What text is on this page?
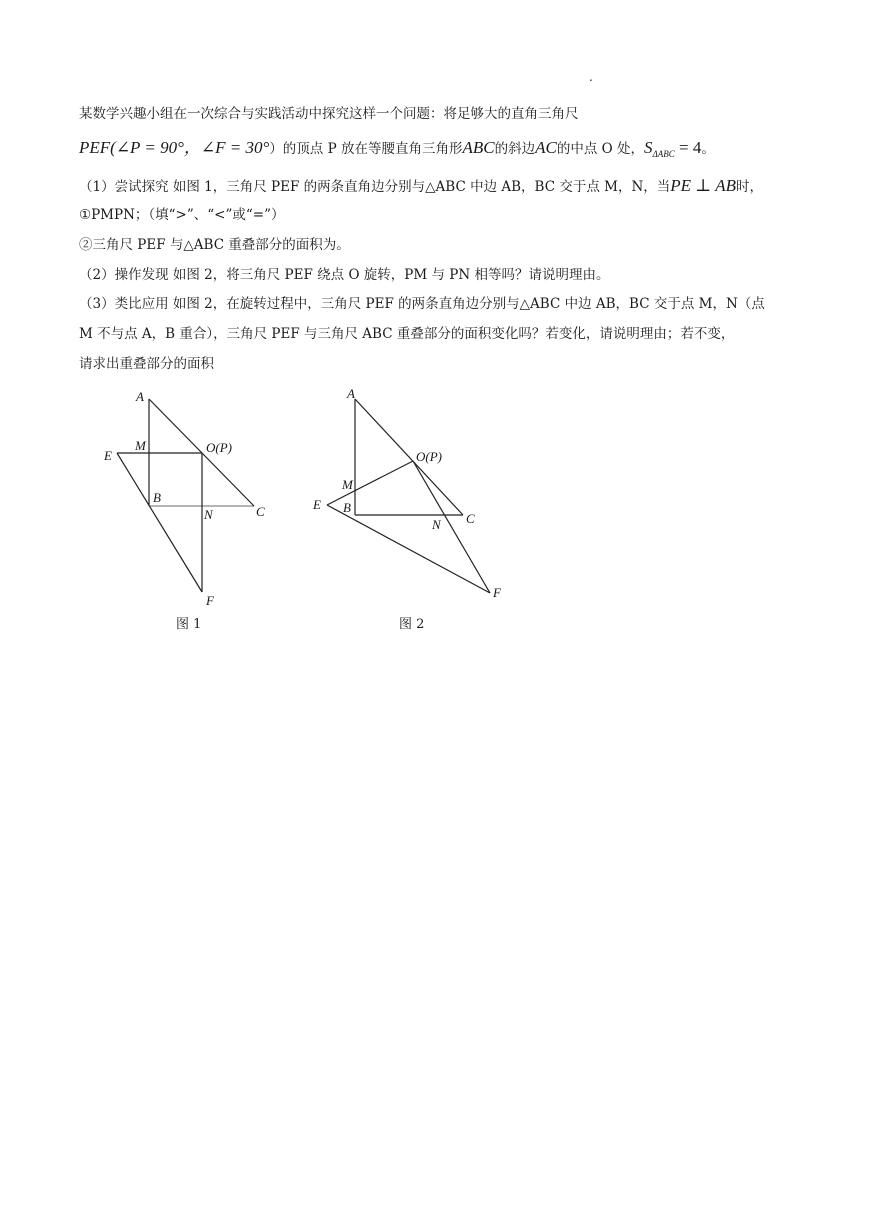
.
某数学兴趣小组在一次综合与实践活动中探究这样一个问题：将足够大的直角三角尺
PEF(∠P = 90°，∠F = 30°）的顶点 P 放在等腰直角三角形ABC的斜边AC的中点 O 处，$S_{\Delta ABC} = 4$。
（1）尝试探究 如图 1，三角尺 PEF 的两条直角边分别与△ABC 中边 AB，BC 交于点 M，N，当PE ⊥ AB时，
①PMPN；（填“>”、“<”或“=”）
②三角尺 PEF 与△ABC 重叠部分的面积为。
（2）操作发现 如图 2，将三角尺 PEF 绕点 O 旋转，PM 与 PN 相等吗？请说明理由。
（3）类比应用 如图 2，在旋转过程中，三角尺 PEF 的两条直角边分别与△ABC 中边 AB，BC 交于点 M，N（点
M 不与点 A，B 重合），三角尺 PEF 与三角尺 ABC 重叠部分的面积变化吗？若变化，请说明理由；若不变，
请求出重叠部分的面积
A
M	O(P)
E
B
N	C
F
A
O(P)
M
E B
N C
F
图 1	图 2
